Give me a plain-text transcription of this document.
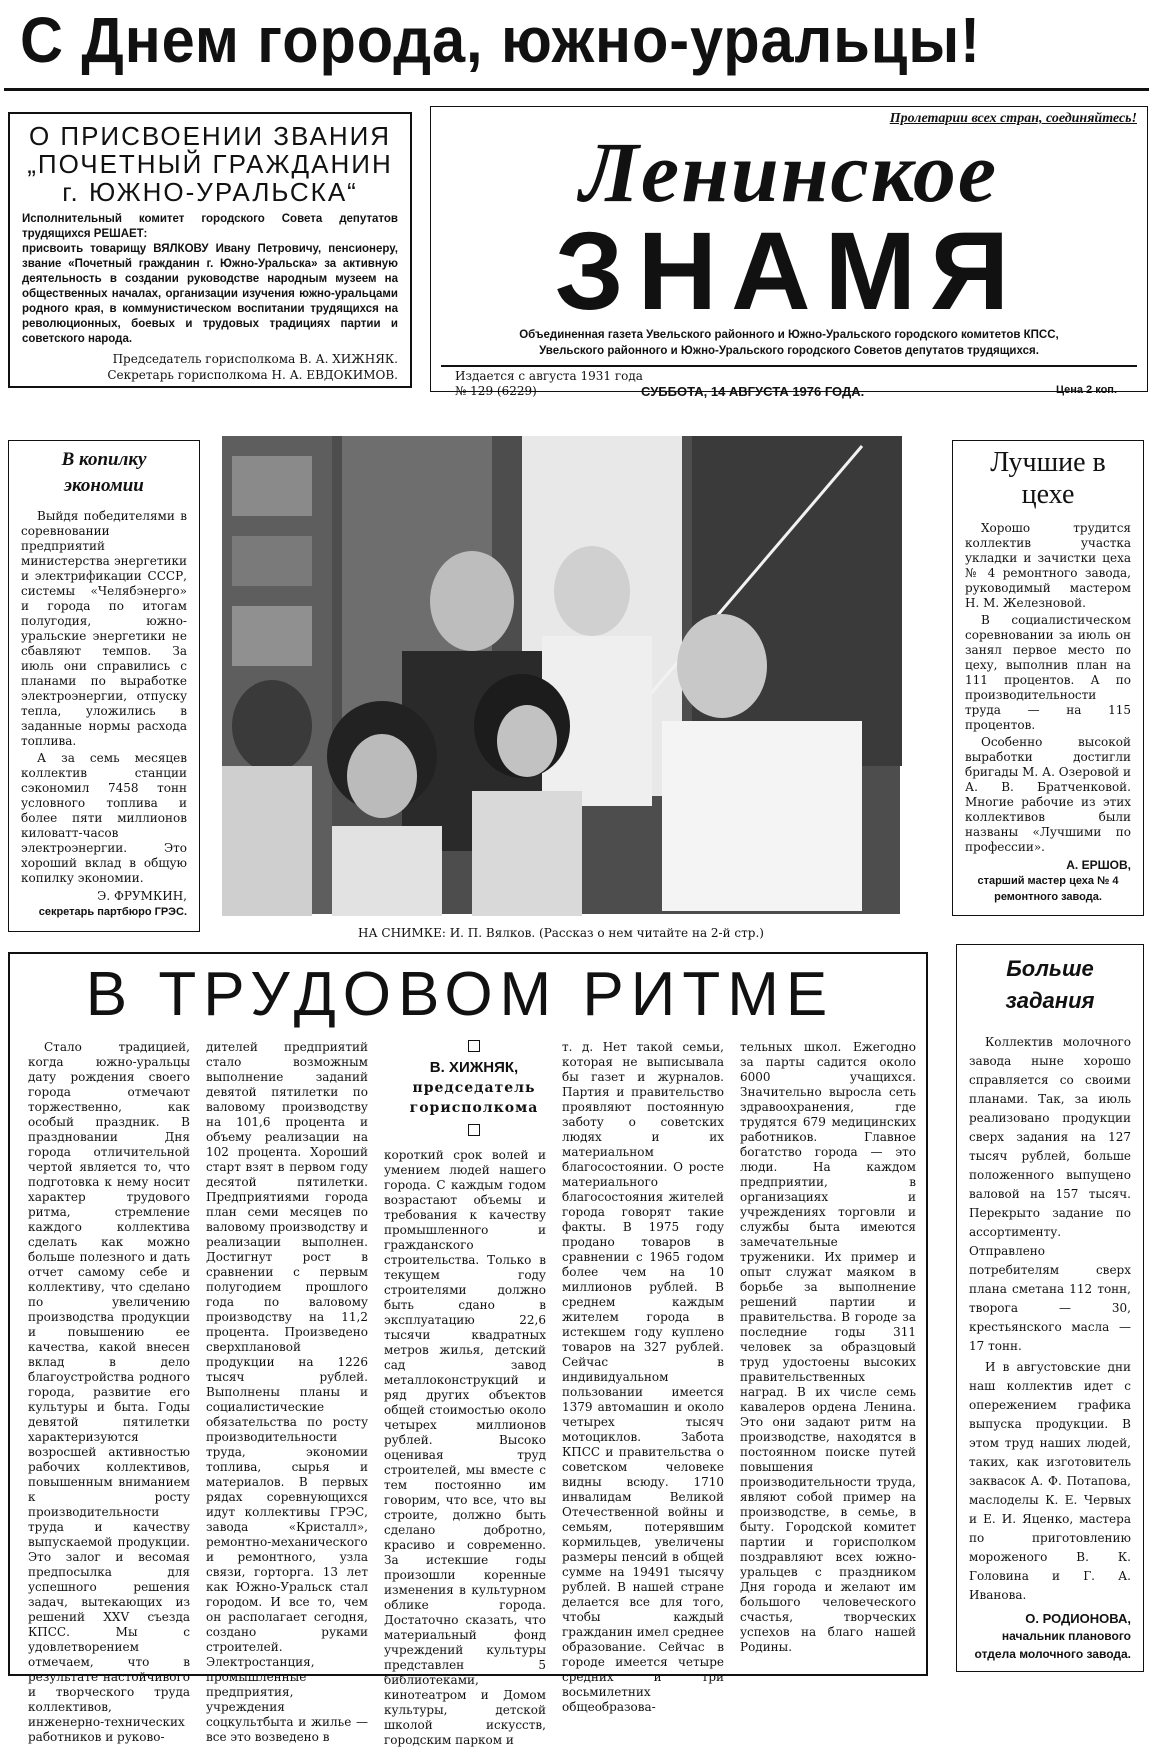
С Днем города, южно-уральцы!
О ПРИСВОЕНИИ ЗВАНИЯ
„ПОЧЕТНЫЙ ГРАЖДАНИН
г. ЮЖНО-УРАЛЬСКА“
Исполнительный комитет городского Совета депутатов трудящихся РЕШАЕТ:
присвоить товарищу ВЯЛКОВУ Ивану Петровичу, пенсионеру, звание «Почетный гражданин г. Южно-Уральска» за активную деятельность в создании руководстве народным музеем на общественных началах, организации изучения южно-уральцами родного края, в коммунистическом воспитании трудящихся на революционных, боевых и трудовых традициях партии и советского народа.
Председатель горисполкома В. А. ХИЖНЯК.
Секретарь горисполкома Н. А. ЕВДОКИМОВ.
Пролетарии всех стран, соединяйтесь!
Ленинское
ЗНАМЯ
Объединенная газета Увельского районного и Южно-Уральского городского комитетов КПСС,
Увельского районного и Южно-Уральского городского Советов депутатов трудящихся.
Издается с августа 1931 года
№ 129 (6229)	СУББОТА, 14 АВГУСТА 1976 ГОДА.	Цена 2 коп.
В копилку экономии

Выйдя победителями в соревновании предприятий министерства энергетики и электрификации СССР, системы «Челябэнерго» и города по итогам полугодия, южно-уральские энергетики не сбавляют темпов. За июль они справились с планами по выработке электроэнергии, отпуску тепла, уложились в заданные нормы расхода топлива.

А за семь месяцев коллектив станции сэкономил 7458 тонн условного топлива и более пяти миллионов киловатт-часов электроэнергии. Это хороший вклад в общую копилку экономии.

Э. ФРУМКИН,
секретарь партбюро ГРЭС.
НА СНИМКЕ: И. П. Вялков. (Рассказ о нем читайте на 2-й стр.)
Лучшие в цехе

Хорошо трудится коллектив участка укладки и зачистки цеха № 4 ремонтного завода, руководимый мастером Н. М. Железновой.

В социалистическом соревновании за июль он занял первое место по цеху, выполнив план на 111 процентов. А по производительности труда — на 115 процентов.

Особенно высокой выработки достигли бригады М. А. Озеровой и А. В. Братченковой. Многие рабочие из этих коллективов были названы «Лучшими по профессии».

А. ЕРШОВ,
старший мастер цеха № 4 ремонтного завода.
В ТРУДОВОМ РИТМЕ

Стало традицией, когда южно-уральцы дату рождения своего города отмечают торжественно, как особый праздник. В праздновании Дня города отличительной чертой является то, что подготовка к нему носит характер трудового ритма, стремление каждого коллектива сделать как можно больше полезного и дать отчет самому себе и коллективу, что сделано по увеличению производства продукции и повышению ее качества, какой внесен вклад в дело благоустройства родного города, развитие его культуры и быта. Годы девятой пятилетки характеризуются возросшей активностью рабочих коллективов, повышенным вниманием к росту производительности труда и качеству выпускаемой продукции. Это залог и весомая предпосылка для успешного решения задач, вытекающих из решений XXV съезда КПСС. Мы с удовлетворением отмечаем, что в результате настойчивого и творческого труда коллективов, инженерно-технических работников и руково-

дителей предприятий стало возможным выполнение заданий девятой пятилетки по валовому производству на 101,6 процента и объему реализации на 102 процента. Хороший старт взят в первом году десятой пятилетки. Предприятиями города план семи месяцев по валовому производству и реализации выполнен. Достигнут рост в сравнении с первым полугодием прошлого года по валовому производству на 11,2 процента. Произведено сверхплановой продукции на 1226 тысяч рублей. Выполнены планы и социалистические обязательства по росту производительности труда, экономии топлива, сырья и материалов. В первых рядах соревнующихся идут коллективы ГРЭС, завода «Кристалл», ремонтно-механического и ремонтного, узла связи, горторга. 13 лет как Южно-Уральск стал городом. И все то, чем он располагает сегодня, создано руками строителей. Электростанция, промышленные предприятия, учреждения соцкультбыта и жилье — все это возведено в

В. ХИЖНЯК,
председатель горисполкома

короткий срок волей и умением людей нашего города. С каждым годом возрастают объемы и требования к качеству промышленного и гражданского строительства. Только в текущем году строителями должно быть сдано в эксплуатацию 22,6 тысячи квадратных метров жилья, детский сад завод металлоконструкций и ряд других объектов общей стоимостью около четырех миллионов рублей. Высоко оценивая труд строителей, мы вместе с тем постоянно им говорим, что все, что вы строите, должно быть сделано добротно, красиво и современно. За истекшие годы произошли коренные изменения в культурном облике города. Достаточно сказать, что материальный фонд учреждений культуры представлен 5 библиотеками, кинотеатром и Домом культуры, детской школой искусств, городским парком и

т. д. Нет такой семьи, которая не выписывала бы газет и журналов. Партия и правительство проявляют постоянную заботу о советских людях и их материальном благосостоянии. О росте материального благосостояния жителей города говорят такие факты. В 1975 году продано товаров в сравнении с 1965 годом более чем на 10 миллионов рублей. В среднем каждым жителем города в истекшем году куплено товаров на 327 рублей. Сейчас в индивидуальном пользовании имеется 1379 автомашин и около четырех тысяч мотоциклов. Забота КПСС и правительства о советском человеке видны всюду. 1710 инвалидам Великой Отечественной войны и семьям, потерявшим кормильцев, увеличены размеры пенсий в общей сумме на 19491 тысячу рублей. В нашей стране делается все для того, чтобы каждый гражданин имел среднее образование. Сейчас в городе имеется четыре средних и три восьмилетних общеобразова-

тельных школ. Ежегодно за парты садится около 6000 учащихся. Значительно выросла сеть здравоохранения, где трудятся 679 медицинских работников. Главное богатство города — это люди. На каждом предприятии, в организациях и учреждениях торговли и службы быта имеются замечательные труженики. Их пример и опыт служат маяком в борьбе за выполнение решений партии и правительства. В городе за последние годы 311 человек за образцовый труд удостоены высоких правительственных наград. В их числе семь кавалеров ордена Ленина. Это они задают ритм на производстве, находятся в постоянном поиске путей повышения производительности труда, являют собой пример на производстве, в семье, в быту. Городской комитет партии и горисполком поздравляют всех южно-уральцев с праздником Дня города и желают им большого человеческого счастья, творческих успехов на благо нашей Родины.

Больше задания

Коллектив молочного завода ныне хорошо справляется со своими планами. Так, за июль реализовано продукции сверх задания на 127 тысяч рублей, больше положенного выпущено валовой на 157 тысяч. Перекрыто задание по ассортименту. Отправлено потребителям сверх плана сметана 112 тонн, творога — 30, крестьянского масла — 17 тонн.

И в августовские дни наш коллектив идет с опережением графика выпуска продукции. В этом труд наших людей, таких, как изготовитель заквасок А. Ф. Потапова, маслоделы К. Е. Червых и Е. И. Яценко, мастера по приготовлению мороженого В. К. Головина и Г. А. Иванова.

О. РОДИОНОВА,
начальник планового отдела молочного завода.
